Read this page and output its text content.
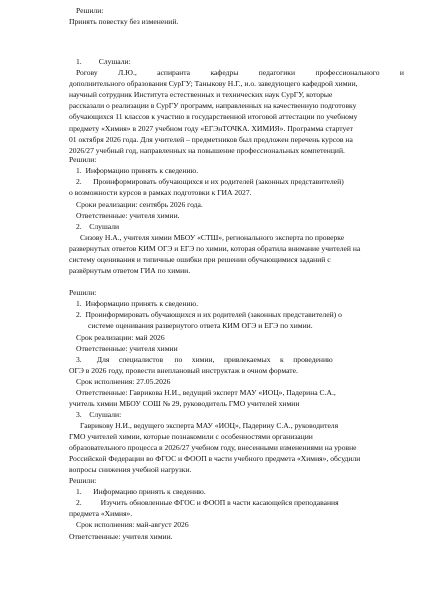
Решили:
Принять повестку без изменений.
1.         Слушали:
Рогову Л.Ю., аспиранта кафедры педагогики профессионального и
дополнительного образования СурГУ; Таныкову Н.Г., и.о. заведующего кафедрой химии,
научный сотрудник Института естественных и технических наук СурГУ, которые
рассказали о реализации в СурГУ программ, направленных на качественную подготовку
обучающихся 11 классов к участию в государственной итоговой аттестации по учебному
предмету «Химия» в 2027 учебном году «ЕГЭнТОЧКА. ХИМИЯ». Программа стартует
01 октября 2026 года. Для учителей – предметников был предложен перечень курсов на
2026/27 учебный год, направленных на повышение профессиональных компетенций.
Решили:
1.  Информацию принять к сведению.
2.      Проинформировать обучающихся и их родителей (законных представителей)
о возможности курсов в рамках подготовки к ГИА 2027.
Сроки реализации: сентябрь 2026 года.
Ответственные: учителя химии.
2.    Слушали
Сизову Н.А., учителя химии МБОУ «СТШ», регионального эксперта по проверке
развернутых ответов КИМ ОГЭ и ЕГЭ по химии, которая обратила внимание учителей на
систему оценивания и типичные ошибки при решении обучающимися заданий с
развёрнутым ответом ГИА по химии.
Решили:
1.  Информацию принять к сведению.
2.  Проинформировать обучающихся и их родителей (законных представителей) о
системе оценивания развернутого ответа КИМ ОГЭ и ЕГЭ по химии.
Срок реализации: май 2026
Ответственные: учителя химии
3.        Для     специалистов      по     химии,     привлекаемых     к     проведению
ОГЭ в 2026 году, провести внеплановый инструктаж в очном формате.
Срок исполнения: 27.05.2026
Ответственные: Гаврикова Н.И., ведущий эксперт МАУ «ИОЦ», Падерина С.А.,
учитель химии МБОУ СОШ № 29, руководитель ГМО учителей химии
3.    Слушали:
Гаврикову Н.И., ведущего эксперта МАУ «ИОЦ», Падерину С.А., руководителя
ГМО учителей химии, которые познакомили с особенностями организации
образовательного процесса в 2026/27 учебном году, внесенными изменениями на уровне
Российской Федерации во ФГОС и ФООП в части учебного предмета «Химия», обсудили
вопросы снижения учебной нагрузки.
Решили:
1.      Информацию принять к сведению.
2.          Изучить обновленные ФГОС и ФООП в части касающейся преподавания
предмета «Химия».
Срок исполнения: май-август 2026
Ответственные: учителя химии.
